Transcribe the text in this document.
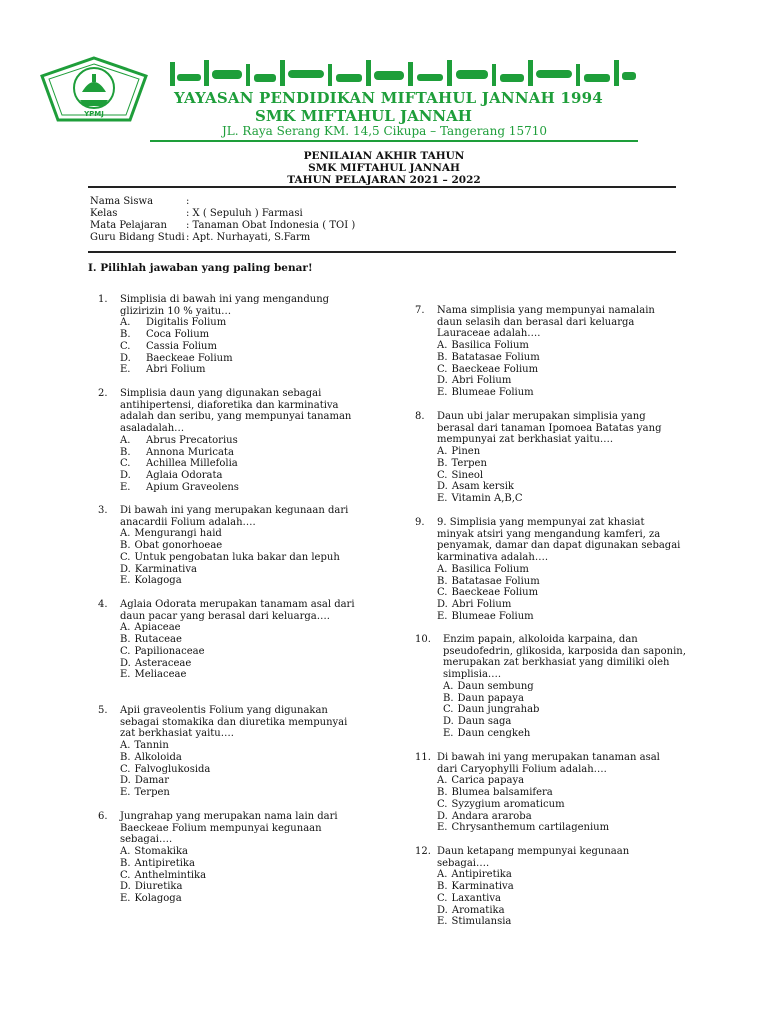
YPMJ
YAYASAN PENDIDIKAN MIFTAHUL JANNAH 1994
SMK MIFTAHUL JANNAH
JL. Raya Serang KM. 14,5 Cikupa – Tangerang 15710
PENILAIAN AKHIR TAHUN
SMK MIFTAHUL JANNAH
TAHUN PELAJARAN 2021 – 2022
Nama Siswa	:
Kelas	: X ( Sepuluh ) Farmasi
Mata Pelajaran : Tanaman Obat Indonesia ( TOI )
Guru Bidang Studi : Apt. Nurhayati, S.Farm
I. Pilihlah jawaban yang paling benar!
1. Simplisia di bawah ini yang mengandung
glizirizin 10 % yaitu…
A. Digitalis Folium
B. Coca Folium
C. Cassia Folium
D. Baeckeae Folium
E. Abri Folium
2. Simplisia daun yang digunakan sebagai
antihipertensi, diaforetika dan karminativa
adalah dan seribu, yang mempunyai tanaman
asaladalah…
A. Abrus Precatorius
B. Annona Muricata
C. Achillea Millefolia
D. Aglaia Odorata
E. Apium Graveolens
3. Di bawah ini yang merupakan kegunaan dari
anacardii Folium adalah….
A. Mengurangi haid
B. Obat gonorhoeae
C. Untuk pengobatan luka bakar dan lepuh
D. Karminativa
E. Kolagoga
4. Aglaia Odorata merupakan tanamam asal dari
daun pacar yang berasal dari keluarga….
A. Apiaceae
B. Rutaceae
C. Papilionaceae
D. Asteraceae
E. Meliaceae
5. Apii graveolentis Folium yang digunakan
sebagai stomakika dan diuretika mempunyai
zat berkhasiat yaitu….
A. Tannin
B. Alkoloida
C. Falvoglukosida
D. Damar
E. Terpen
6. Jungrahap yang merupakan nama lain dari
Baeckeae Folium mempunyai kegunaan
sebagai….
A. Stomakika
B. Antipiretika
C. Anthelmintika
D. Diuretika
E. Kolagoga
7. Nama simplisia yang mempunyai namalain
daun selasih dan berasal dari keluarga
Lauraceae adalah….
A. Basilica Folium
B. Batatasae Folium
C. Baeckeae Folium
D. Abri Folium
E. Blumeae Folium
8. Daun ubi jalar merupakan simplisia yang
berasal dari tanaman Ipomoea Batatas yang
mempunyai zat berkhasiat yaitu….
A. Pinen
B. Terpen
C. Sineol
D. Asam kersik
E. Vitamin A,B,C
9. 9. Simplisia yang mempunyai zat khasiat
minyak atsiri yang mengandung kamferi, za
penyamak, damar dan dapat digunakan sebagai
karminativa adalah….
A. Basilica Folium
B. Batatasae Folium
C. Baeckeae Folium
D. Abri Folium
E. Blumeae Folium
10. Enzim papain, alkoloida karpaina, dan
pseudofedrin, glikosida, karposida dan saponin,
merupakan zat berkhasiat yang dimiliki oleh
simplisia….
A. Daun sembung
B. Daun papaya
C. Daun jungrahab
D. Daun saga
E. Daun cengkeh
11. Di bawah ini yang merupakan tanaman asal
dari Caryophylli Folium adalah….
A. Carica papaya
B. Blumea balsamifera
C. Syzygium aromaticum
D. Andara araroba
E. Chrysanthemum cartilagenium
12. Daun ketapang mempunyai kegunaan
sebagai….
A. Antipiretika
B. Karminativa
C. Laxantiva
D. Aromatika
E. Stimulansia
